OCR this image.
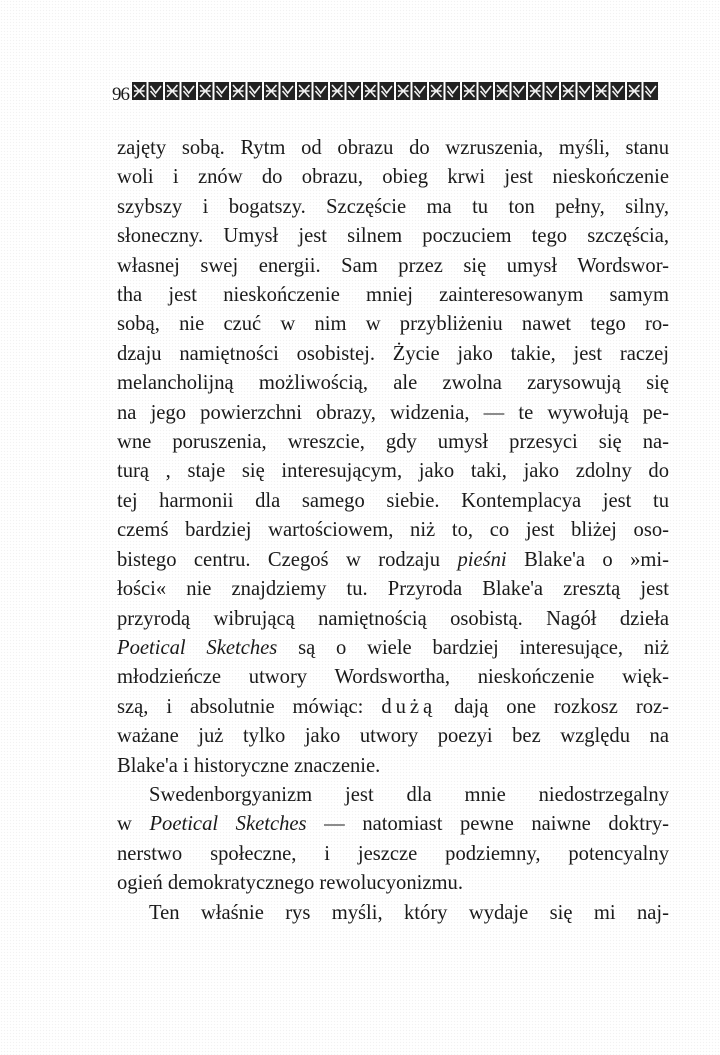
96
zajęty sobą. Rytm od obrazu do wzruszenia, myśli, stanu
woli i znów do obrazu, obieg krwi jest nieskończenie
szybszy i bogatszy. Szczęście ma tu ton pełny, silny,
słoneczny. Umysł jest silnem poczuciem tego szczęścia,
własnej swej energii. Sam przez się umysł Wordswor-
tha jest nieskończenie mniej zainteresowanym samym
sobą, nie czuć w nim w przybliżeniu nawet tego ro-
dzaju namiętności osobistej. Życie jako takie, jest raczej
melancholijną możliwością, ale zwolna zarysowują się
na jego powierzchni obrazy, widzenia, — te wywołują pe-
wne poruszenia, wreszcie, gdy umysł przesyci się na-
turą , staje się interesującym, jako taki, jako zdolny do
tej harmonii dla samego siebie. Kontemplacya jest tu
czemś bardziej wartościowem, niż to, co jest bliżej oso-
bistego centru. Czegoś w rodzaju pieśni Blake'a o »mi-
łości« nie znajdziemy tu. Przyroda Blake'a zresztą jest
przyrodą wibrującą namiętnością osobistą. Nagół dzieła
Poetical Sketches są o wiele bardziej interesujące, niż
młodzieńcze utwory Wordswortha, nieskończenie więk-
szą, i absolutnie mówiąc: dużą dają one rozkosz roz-
ważane już tylko jako utwory poezyi bez względu na
Blake'a i historyczne znaczenie.
Swedenborgyanizm jest dla mnie niedostrzegalny
w Poetical Sketches — natomiast pewne naiwne doktry-
nerstwo społeczne, i jeszcze podziemny, potencyalny
ogień demokratycznego rewolucyonizmu.
Ten właśnie rys myśli, który wydaje się mi naj-
